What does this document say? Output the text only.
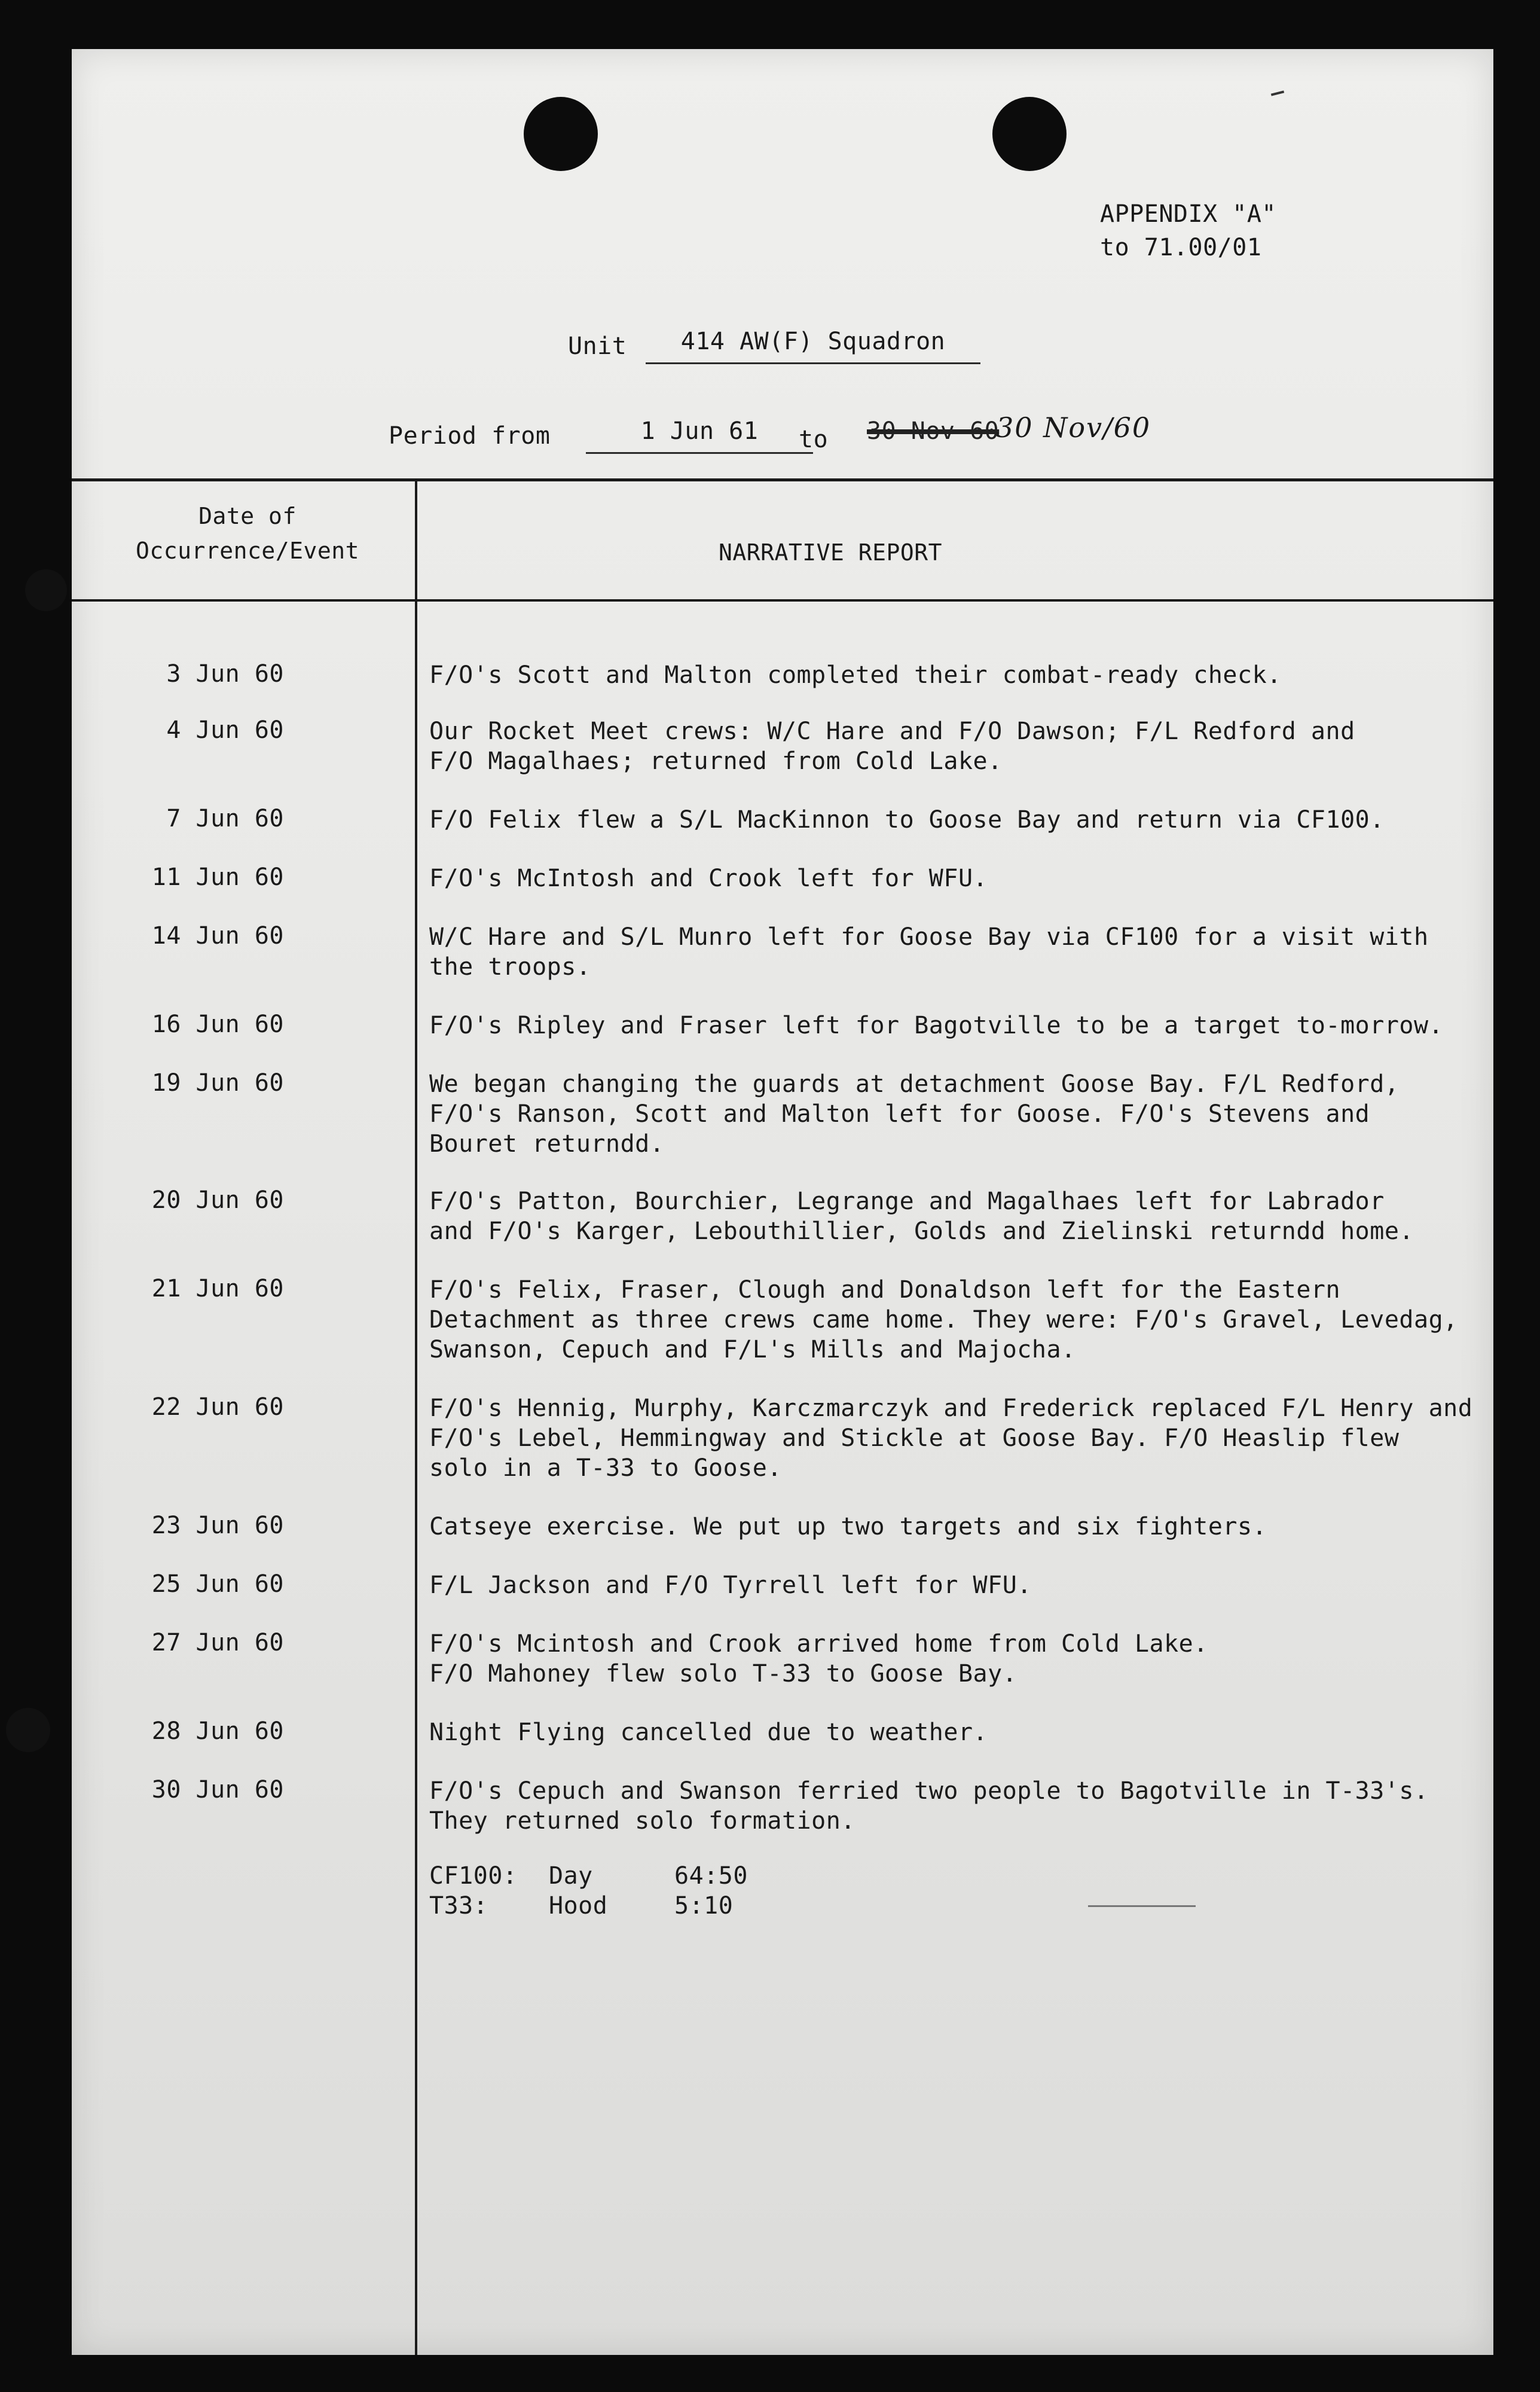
APPENDIX "A"
to 71.00/01
Unit	414 AW(F) Squadron
Period from	1 Jun 61	to 30 Nov 60
30 Nov/60
Date of Occurrence/Event	NARRATIVE REPORT
3 Jun 60	F/O's Scott and Malton completed their combat-ready check.
4 Jun 60	Our Rocket Meet crews: W/C Hare and F/O Dawson; F/L Redford and
F/O Magalhaes; returned from Cold Lake.
7 Jun 60	F/O Felix flew a S/L MacKinnon to Goose Bay and return via CF100.
11 Jun 60	F/O's McIntosh and Crook left for WFU.
14 Jun 60	W/C Hare and S/L Munro left for Goose Bay via CF100 for a visit with
the troops.
16 Jun 60	F/O's Ripley and Fraser left for Bagotville to be a target to-morrow.
19 Jun 60	We began changing the guards at detachment Goose Bay. F/L Redford,
F/O's Ranson, Scott and Malton left for Goose. F/O's Stevens and
Bouret returndd.
20 Jun 60	F/O's Patton, Bourchier, Legrange and Magalhaes left for Labrador
and F/O's Karger, Lebouthillier, Golds and Zielinski returndd home.
21 Jun 60	F/O's Felix, Fraser, Clough and Donaldson left for the Eastern
Detachment as three crews came home. They were: F/O's Gravel, Levedag,
Swanson, Cepuch and F/L's Mills and Majocha.
22 Jun 60	F/O's Hennig, Murphy, Karczmarczyk and Frederick replaced F/L Henry and
F/O's Lebel, Hemmingway and Stickle at Goose Bay. F/O Heaslip flew
solo in a T-33 to Goose.
23 Jun 60	Catseye exercise. We put up two targets and six fighters.
25 Jun 60	F/L Jackson and F/O Tyrrell left for WFU.
27 Jun 60	F/O's Mcintosh and Crook arrived home from Cold Lake.
F/O Mahoney flew solo T-33 to Goose Bay.
28 Jun 60	Night Flying cancelled due to weather.
30 Jun 60	F/O's Cepuch and Swanson ferried two people to Bagotville in T-33's.
They returned solo formation.
CF100: Day	64:50
T33:	Hood	5:10
